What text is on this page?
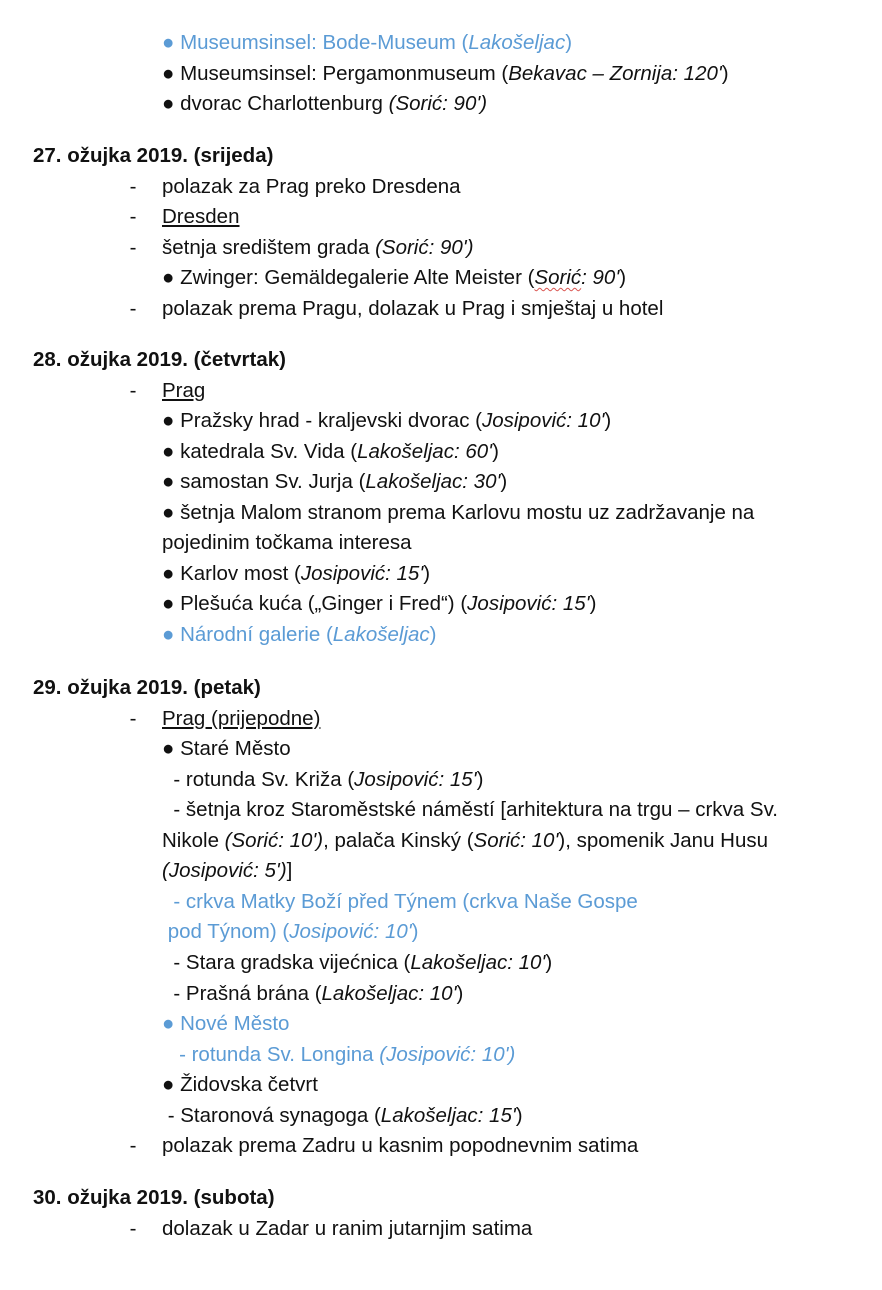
● Museumsinsel: Bode-Museum (Lakošeljac)
● Museumsinsel: Pergamonmuseum (Bekavac – Zornija: 120')
● dvorac Charlottenburg (Sorić: 90')
27. ožujka 2019. (srijeda)
- polazak za Prag preko Dresdena
- Dresden
- šetnja središtem grada (Sorić: 90')
● Zwinger: Gemäldegalerie Alte Meister (Sorić: 90')
- polazak prema Pragu, dolazak u Prag i smještaj u hotel
28. ožujka 2019. (četvrtak)
- Prag
● Pražsky hrad - kraljevski dvorac (Josipović: 10')
● katedrala Sv. Vida (Lakošeljac: 60')
● samostan Sv. Jurja (Lakošeljac: 30')
● šetnja Malom stranom prema Karlovu mostu uz zadržavanje na
pojedinim točkama interesa
● Karlov most (Josipović: 15')
● Plešuća kuća („Ginger i Fred“) (Josipović: 15')
● Národní galerie (Lakošeljac)
29. ožujka 2019. (petak)
- Prag (prijepodne)
● Staré Město
- rotunda Sv. Križa (Josipović: 15')
- šetnja kroz Staroměstské náměstí [arhitektura na trgu – crkva Sv.
Nikole (Sorić: 10'), palača Kinský (Sorić: 10'), spomenik Janu Husu
(Josipović: 5')]
- crkva Matky Boží před Týnem (crkva Naše Gospe
pod Týnom) (Josipović: 10')
- Stara gradska vijećnica (Lakošeljac: 10')
- Prašná brána (Lakošeljac: 10')
● Nové Město
- rotunda Sv. Longina (Josipović: 10')
● Židovska četvrt
- Staronová synagoga (Lakošeljac: 15')
- polazak prema Zadru u kasnim popodnevnim satima
30. ožujka 2019. (subota)
- dolazak u Zadar u ranim jutarnjim satima
